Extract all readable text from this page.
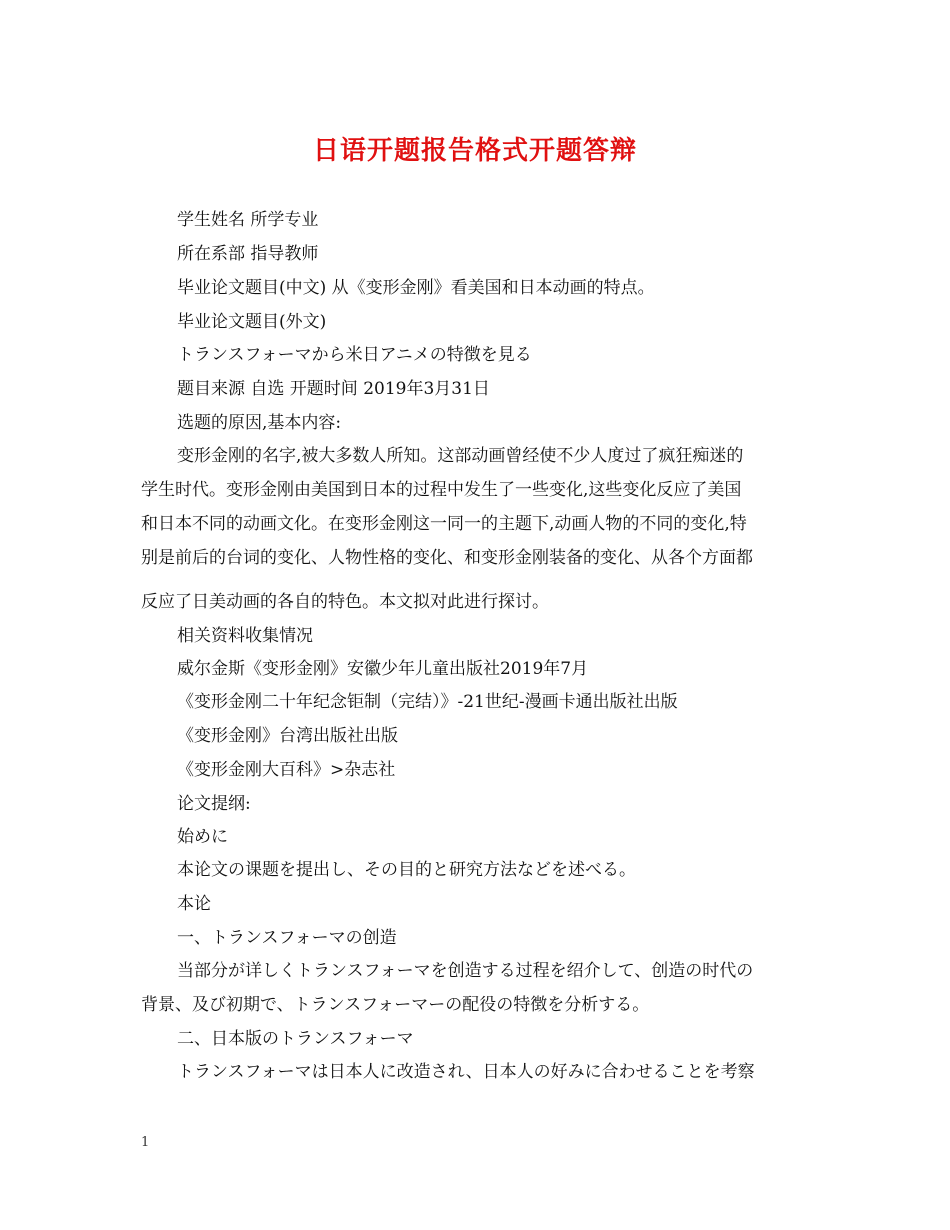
日语开题报告格式开题答辩
学生姓名 所学专业
所在系部 指导教师
毕业论文题目(中文) 从《变形金刚》看美国和日本动画的特点。
毕业论文题目(外文)
トランスフォーマから米日アニメの特徴を見る
题目来源 自选 开题时间 2019年3月31日
选题的原因,基本内容:
变形金刚的名字,被大多数人所知。这部动画曾经使不少人度过了疯狂痴迷的
学生时代。变形金刚由美国到日本的过程中发生了一些变化,这些变化反应了美国
和日本不同的动画文化。在变形金刚这一同一的主题下,动画人物的不同的变化,特
别是前后的台词的变化、人物性格的变化、和变形金刚装备的变化、从各个方面都
反应了日美动画的各自的特色。本文拟对此进行探讨。
相关资料收集情况
威尔金斯《变形金刚》安徽少年儿童出版社2019年7月
《变形金刚二十年纪念钜制（完结）》-21世纪-漫画卡通出版社出版
《变形金刚》台湾出版社出版
《变形金刚大百科》>杂志社
论文提纲:
始めに
本论文の课题を提出し、その目的と研究方法などを述べる。
本论
一、トランスフォーマの创造
当部分が详しくトランスフォーマを创造する过程を绍介して、创造の时代の
背景、及び初期で、トランスフォーマーの配役の特徴を分析する。
二、日本版のトランスフォーマ
トランスフォーマは日本人に改造され、日本人の好みに合わせることを考察
1
